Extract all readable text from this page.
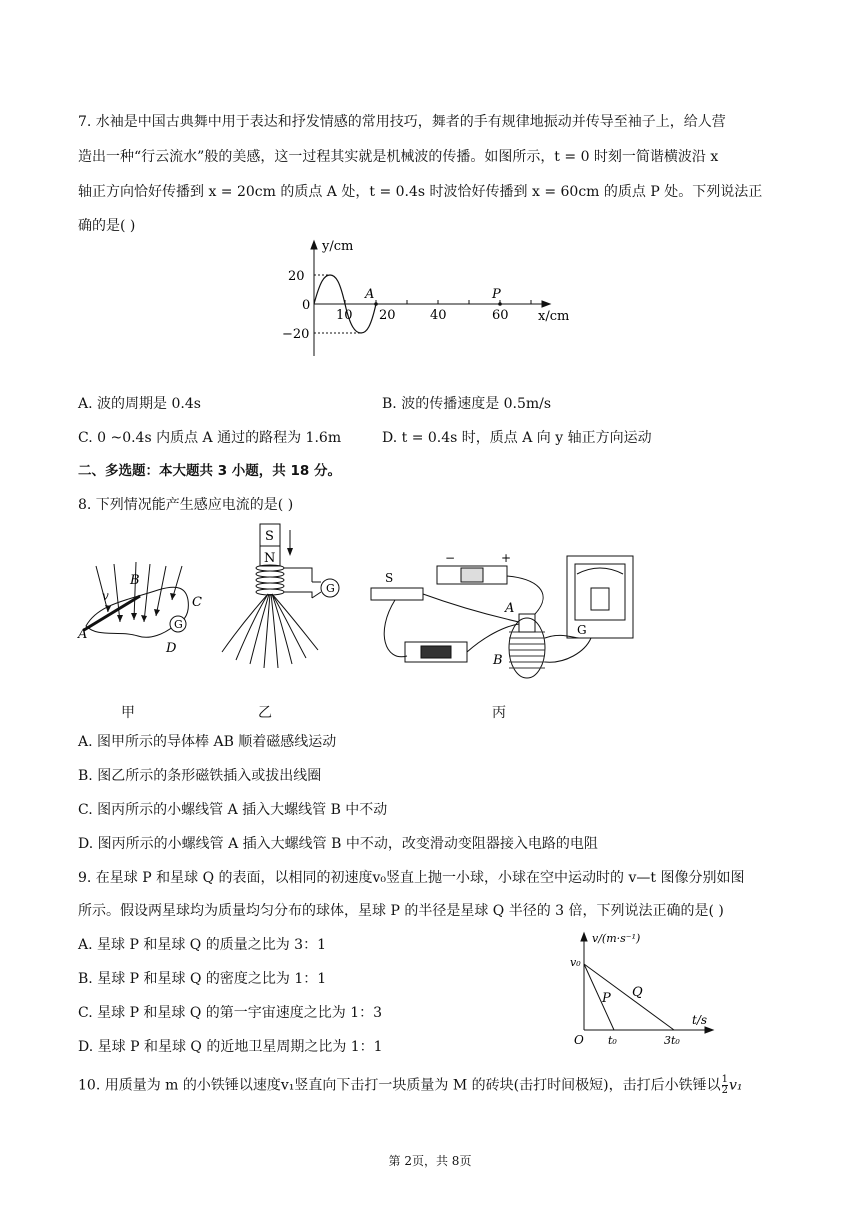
7. 水袖是中国古典舞中用于表达和抒发情感的常用技巧，舞者的手有规律地振动并传导至袖子上，给人营
造出一种“行云流水”般的美感，这一过程其实就是机械波的传播。如图所示，t = 0 时刻一简谐横波沿 x
轴正方向恰好传播到 x = 20cm 的质点 A 处，t = 0.4s 时波恰好传播到 x = 60cm 的质点 P 处。下列说法正
确的是( )
y/cm
20
0
−20
10 20	40	60
A	P
x/cm
A. 波的周期是 0.4s	B. 波的传播速度是 0.5m/s
C. 0 ~0.4s 内质点 A 通过的路程为 1.6m	D. t = 0.4s 时，质点 A 向 y 轴正方向运动
二、多选题：本大题共 3 小题，共 18 分。
8. 下列情况能产生感应电流的是( )
G
A
B
C
D
v
甲
G
S
N
乙
S
−	+
A
B
G
丙
A. 图甲所示的导体棒 AB 顺着磁感线运动
B. 图乙所示的条形磁铁插入或拔出线圈
C. 图丙所示的小螺线管 A 插入大螺线管 B 中不动
D. 图丙所示的小螺线管 A 插入大螺线管 B 中不动，改变滑动变阻器接入电路的电阻
9. 在星球 P 和星球 Q 的表面，以相同的初速度v₀竖直上抛一小球，小球在空中运动时的 v—t 图像分别如图
所示。假设两星球均为质量均匀分布的球体，星球 P 的半径是星球 Q 半径的 3 倍，下列说法正确的是( )
A. 星球 P 和星球 Q 的质量之比为 3：1
B. 星球 P 和星球 Q 的密度之比为 1：1
C. 星球 P 和星球 Q 的第一宇宙速度之比为 1：3
D. 星球 P 和星球 Q 的近地卫星周期之比为 1：1
v/(m·s⁻¹)
v₀
O t₀	3t₀
P Q
t/s
10. 用质量为 m 的小铁锤以速度v₁竖直向下击打一块质量为 M 的砖块(击打时间极短)，击打后小铁锤以 $\frac{1}{2} v_1$
第 2页，共 8页
